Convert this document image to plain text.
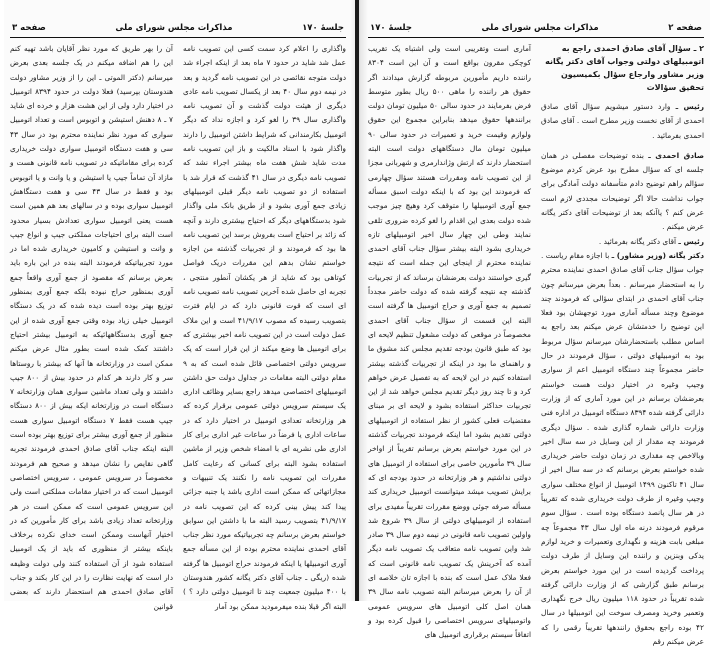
جلسهٔ ۱۷۰
مذاکرات مجلس شورای ملی
صفحه ۳

واگذاری را اعلام کرد سمت کسی این تصویب نامه عمل شد شاید در حدود ۷ ماه بعد از اینکه اجراء شد دولت متوجه نقائصی در این تصویب نامه گردید و بعد در نیمه دوم سال ۴۰ بعد از یکسال تصویب نامه عادی دیگری از هیئت دولت گذشت و آن تصویب نامه واگذاری سال ۳۹ را لغو کرد و اجازه نداد که دیگر اتومبیل بکارمندانی که شرایط داشتن اتومبیل را دارند واگذار شود با اسناد مالکیت و باز این تصویب نامه مدت شاید شش هفت ماه بیشتر اجراء نشد که تصویب نامه دیگری در سال ۴۱ گذشت که قرار شد با استفاده از دو تصویب نامه دیگر قبلی اتومبیلهای زیادی جمع آوری بشود و از طریق بانک ملی واگذار شود بدستگاههای دیگر که احتیاج بیشتری دارند و آنچه که زائد بر احتیاج است بفروش برسد این تصویب نامه ها بود که فرمودند و از تجربیات گذشته من اجازه خواستم نشان بدهم این مقررات دریک فواصل کوتاهی بود که شاید از هر یکشان آنطور منتجی ، تجربه ای حاصل شده آخرین تصویب نامه تصویب نامه ای است که قوت قانونی دارد که در ایام فترت بتصویب رسیده که مصوب ۴۱/۹/۱۷ است و این ملاک عمل دولت است در این تصویب نامه اخیر بیشتری که برای اتومبیل ها وضع میکند از این قرار است که یک سرویس دولتی اختصاصی قائل شده است که به ۹ مقام دولتی البته مقامات در جداول دولت حق داشتن اتومبیلهای اختصاصی میدهد راجع بسایر وظائف اداری یک سیستم سرویس دولتی عمومی برقرار کرده که هر وزارتخانه تعدادی اتومبیل در اختیار دارد که در ساعات اداری یا فرضاً در ساعات غیر اداری برای کار اداری طی نشریه ای با امضاء شخص وزیر از ماشین استفاده بشود البته برای کسانی که رعایت کامل مقررات این تصویب نامه را نکنند یک تنبیهات و مجازاتهائی که ممکن است اداری باشد یا جنبه جزائی پیدا کند پیش بینی کرده که این تصویب نامه در ۴۱/۹/۱۷ بتصویب رسید البته ما با داشتن این سوابق خواستم بعرض برسانم چه تجربیاتیکه مورد نظر جناب آقای احمدی نماینده محترم بوده از این مسأله جمع آوری اتومبیلها یا اینکه فرمودند حراج اتومبیل ها گرفته شده (ریگی ـ جناب آقای دکتر یگانه کشور هندوستان با ۴۰۰ میلیون جمعیت چند تا اتومبیل دولتی دارد ؟ ) البته اگر قبلا بنده میفرمودید ممکن بود آمار

آن را بهر طریق که مورد نظر آقایان باشد تهیه کنم این را هم اضافه میکنم در یک جلسه بعدی بعرض میرسانم (دکتر الموتی ـ این را از وزیر مشاور دولت هندوستان بپرسید) فعلا دولت در حدود ۸۳۹۴ اتومبیل در اختیار دارد ولی از این هشت هزار و خرده ای شاید ۷ ـ ۸ دهنش استیشن و اتوبوس است و تعداد اتومبیل سواری که مورد نظر نماینده محترم بود در سال ۴۳ سی و هفت دستگاه اتومبیل سواری دولت خریداری کرده برای مقاماتیکه در تصویب نامه قانونی هست و مازاد آن تماماً جیپ یا استیشن و یا وانت و یا اتوبوس بود و فقط در سال ۴۳ سی و هفت دستگاهش اتومبیل سواری بوده و در سالهای بعد هم همین است هست یعنی اتومبیل سواری تعدادش بسیار محدود است البته برای احتیاجات مملکتی جیپ و انواع جیپ و وانت و استیشن و کامیون خریداری شده اما در مورد تجربیاتیکه فرمودند البته بنده در این باره باید بعرض برسانم که مقصود از جمع آوری واقعاً جمع آوری بمنظور حراج نبوده بلکه جمع آوری بمنظور توزیع بهتر بوده است دیده شده که در یک دستگاه اتومبیل خیلی زیاد بوده وقتی جمع آوری شده از این جمع آوری بدستگاههائیکه به اتومبیل بیشتر احتیاج داشتند کمک شده است بطور مثال عرض میکنم ممکن است در وزارتخانه ها آنها که بیشتر با روستاها سر و کار دارند هر کدام در حدود بیش از ۸۰۰ جیپ داشتند و ولی تعداد ماشین سواری همان وزارتخانه ۷ دستگاه است در وزارتخانه ایکه بیش از ۸۰۰ دستگاه جیپ هست فقط ۷ دستگاه اتومبیل سواری هست منظور از جمع آوری بیشتر برای توزیع بهتر بوده است البته اینکه جناب آقای صادق احمدی فرمودند تجربه گاهی نقایص را نشان میدهد و صحیح هم فرمودند مخصوصاً در سرویس عمومی ، سرویس اختصاصی اتومبیل است که در اختیار مقامات مملکتی است ولی این سرویس عمومی است که ممکن است در هر وزارتخانه تعداد زیادی باشد برای کار مأمورین که در اختیار آنهاست وممکن است خدای نکرده برخلاف باینکه بیشتر از منظوری که باید از یک اتومبیل استفاده شود از آن استفاده کنند ولی دولت وظیفه دار است که نهایت نظارت را در این کار بکند و جناب آقای صادق احمدی هم استحضار دارند که بعضی قوانین

صفحه ۲
مذاکرات مجلس شورای ملی
جلسهٔ ۱۷۰

۲ ـ سؤال آقای صادق احمدی راجع به اتومبیلهای دولتی وجواب آقای دکتر یگانه وزیر مشاور وارجاع سؤال بکمیسیون تحقیق سؤالات

رئیس ـ وارد دستور میشویم سؤال آقای صادق احمدی از آقای نخست وزیر مطرح است . آقای صادق احمدی بفرمائید .

صادق احمدی ـ بنده توضیحات مفصلی در همان جلسه ای که سؤال مطرح بود عرض کردم موضوع سؤالم راهم توضیح دادم متأسفانه دولت آمادگی برای جواب نداشت حالا اگر توضیحات مجددی لازم است عرض کنم ؟ یاآنکه بعد از توضیحات آقای دکتر یگانه عرض میکنم .

رئیس ـ آقای دکتر یگانه بفرمائید .

دکتر یگانه (وزیر مشاور) ـ با اجازه مقام ریاست . جواب سؤال جناب آقای صادق احمدی نماینده محترم را به استحضار میرسانم . بعداً بعرض میرسانم چون جناب آقای احمدی در ابتدای سؤالی که فرمودند چند موضوع وچند مسأله آماری مورد توجهشان بود فعلا این توضیح را خدمتشان عرض میکنم بعد راجع به اساس مطلب باستحضارشان میرسانم سؤال مربوط بود به اتومبیلهای دولتی ، سؤال فرمودند در حال حاضر مجموعاً چند دستگاه اتومبیل اعم از سواری وجیپ وغیره در اختیار دولت هست خواستم بعرضشان برسانم در این مورد آماری که از وزارت دارائی گرفته شده ۸۳۹۴ دستگاه اتومبیل در اداره فنی وزارت دارائی شماره گذاری شده . سؤال دیگری فرمودند چه مقدار از این وسایل در سه سال اخیر وبالاخص چه مقداری در زمان دولت حاضر خریداری شده خواستم بعرض برسانم که در سه سال اخیر از سال ۴۱ تاکنون ۱۴۹۹ اتومبیل از انواع مختلف سواری وجیپ وغیره از طرف دولت خریداری شده که تقریباً در هر سال پانصد دستگاه بوده است . سؤال سوم مرقوم فرمودند درنه ماه اول سال ۴۳ مجموعاً چه مبلغی بابت هزینه و نگهداری وتعمیرات و خرید لوازم یدکی وبنزین و راننده این وسایل از طرف دولت پرداخت گردیده است در این مورد خواستم بعرض برسانم طبق گزارشی که از وزارت دارائی گرفته شده تقریباً در حدود ۱۱۸ میلیون ریال خرج نگهداری وتعمیر وخرید ومصرف سوخت این اتومبیلها در سال ۴۲ بوده راجع بحقوق رانندهها تقریباً رقمی را که عرض میکنم رقم

آماری است وتقریبی است ولی اشتباه یک تقریب کوچکی مقرون بواقع است و آن این است ۸۳۰۴ راننده داریم مأمورین مربوطه گزارش میدادند اگر حقوق هر راننده را ماهی ۵۰۰ ریال بطور متوسط فرض بفرمایند در حدود سالی ۵۰ میلیون تومان دولت برانندهها حقوق میدهد بنابراین مجموع این حقوق ولوازم وقیمت خرید و تعمیرات در حدود سالی ۹۰ میلیون تومان مال دستگاههای دولت است البته استحضار دارند که ارتش وژاندارمری و شهربانی مجزا از این تصویب نامه ومقررات هستند سؤال چهارمی که فرمودند این بود که با اینکه دولت اسبق مسأله جمع آوری اتومبیلها را متوقف کرد وهیچ چیز موجب شده دولت بعدی این اقدام را لغو کرده ضروری تلقی نمایند وطی این چهار سال اخیر اتومبیلهای تازه خریداری بشود البته بیشتر سؤال جناب آقای احمدی نماینده محترم از اینجای این جمله است که نتیجه گیری خواستند دولت بعرضشان برساند که از تجربیات گذشته چه نتیجه گرفته شده که دولت حاضر مجدداً تصمیم به جمع آوری و حراج اتومبیل ها گرفته است البته این قسمت از سؤال جناب آقای احمدی مخصوصاً در موقعی که دولت مشغول تنظیم لایحه ای بود که طبق قانون بودجه تقدیم مجلس کند مشوق ما و راهنمای ما بود در اینکه از تجربیات گذشته بیشتر استفاده کنیم در این لایحه که به تفصیل عرض خواهم کرد و تا چند روز دیگر تقدیم مجلس خواهد شد از این تجربیات حداکثر استفاده بشود و لایحه ای بر مبنای مقتضیات فعلی کشور از نظر استفاده از اتومبیلهای دولتی تقدیم بشود اما اینکه فرمودند تجربیات گذشته در این مورد خواستم بعرض برسانم تقریباً از اواخر سال ۳۹ مأمورین خاصی برای استفاده از اتومبیل های دولتی نداشتیم و هر وزارتخانه در حدود بودجه ای که برایش تصویب میشد میتوانست اتومبیل خریداری کند مسأله صرفه جوئی ووضع مقررات تقریباً مفیدی برای استفاده از اتومبیلهای دولتی از سال ۳۹ شروع شد واولین تصویب نامه قانونی در نیمه دوم سال ۳۹ صادر شد واین تصویب نامه متعاقب یک تصویب نامه دیگر آمده که آخرینش یک تصویب نامه قانونی است که فعلا ملاک عمل است که بنده با اجازه تان خلاصه ای از آن را بعرض میرسانم البته تصویب نامه سال ۳۹ همان اصل کلی اتومبیل های سرویس عمومی واتومبیلهای سرویس اختصاصی را قبول کرده بود و اتفاقاً سیستم برقراری اتومبیل های
